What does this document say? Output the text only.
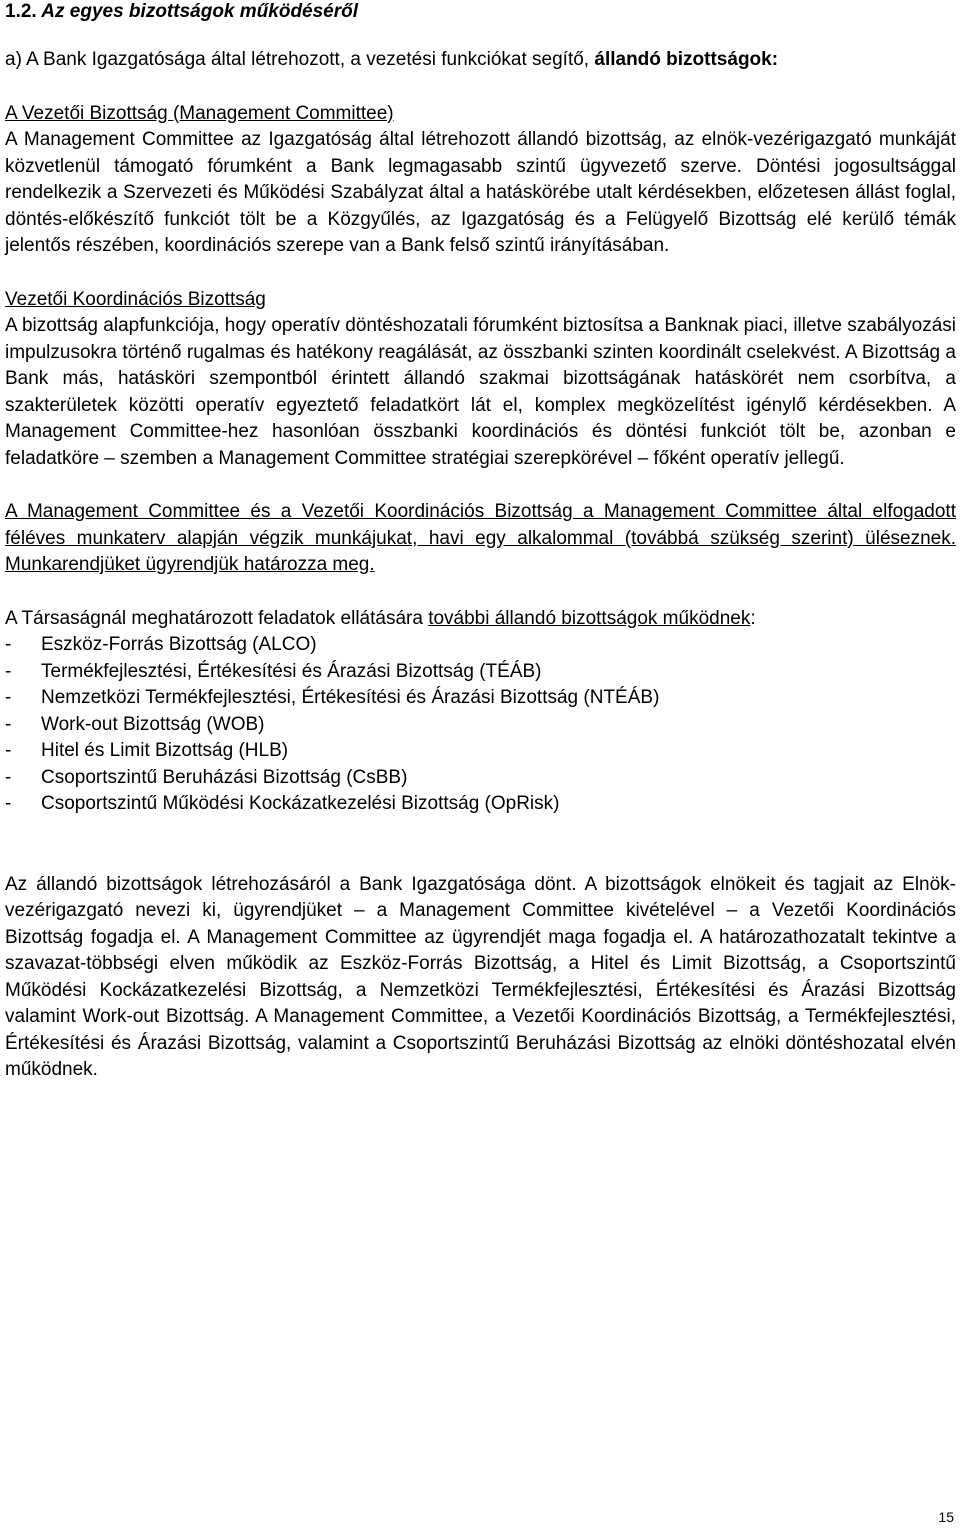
1.2. Az egyes bizottságok működéséről

a) A Bank Igazgatósága által létrehozott, a vezetési funkciókat segítő, állandó bizottságok:

A Vezetői Bizottság (Management Committee)

A Management Committee az Igazgatóság által létrehozott állandó bizottság, az elnök-vezérigazgató munkáját közvetlenül támogató fórumként a Bank legmagasabb szintű ügyvezető szerve. Döntési jogosultsággal rendelkezik a Szervezeti és Működési Szabályzat által a hatáskörébe utalt kérdésekben, előzetesen állást foglal, döntés-előkészítő funkciót tölt be a Közgyűlés, az Igazgatóság és a Felügyelő Bizottság elé kerülő témák jelentős részében, koordinációs szerepe van a Bank felső szintű irányításában.

Vezetői Koordinációs Bizottság

A bizottság alapfunkciója, hogy operatív döntéshozatali fórumként biztosítsa a Banknak piaci, illetve szabályozási impulzusokra történő rugalmas és hatékony reagálását, az összbanki szinten koordinált cselekvést. A Bizottság a Bank más, hatásköri szempontból érintett állandó szakmai bizottságának hatáskörét nem csorbítva, a szakterületek közötti operatív egyeztető feladatkört lát el, komplex megközelítést igénylő kérdésekben. A Management Committee-hez hasonlóan összbanki koordinációs és döntési funkciót tölt be, azonban e feladatköre – szemben a Management Committee stratégiai szerepkörével – főként operatív jellegű.

A Management Committee és a Vezetői Koordinációs Bizottság a Management Committee által elfogadott féléves munkaterv alapján végzik munkájukat, havi egy alkalommal (továbbá szükség szerint) üléseznek. Munkarendjüket ügyrendjük határozza meg.

A Társaságnál meghatározott feladatok ellátására további állandó bizottságok működnek:

-	Eszköz-Forrás Bizottság (ALCO)
-	Termékfejlesztési, Értékesítési és Árazási Bizottság (TÉÁB)
-	Nemzetközi Termékfejlesztési, Értékesítési és Árazási Bizottság (NTÉÁB)
-	Work-out Bizottság (WOB)
-	Hitel és Limit Bizottság (HLB)
-	Csoportszintű Beruházási Bizottság (CsBB)
-	Csoportszintű Működési Kockázatkezelési Bizottság (OpRisk)

Az állandó bizottságok létrehozásáról a Bank Igazgatósága dönt. A bizottságok elnökeit és tagjait az Elnök-vezérigazgató nevezi ki, ügyrendjüket – a Management Committee kivételével – a Vezetői Koordinációs Bizottság fogadja el. A Management Committee az ügyrendjét maga fogadja el. A határozathozatalt tekintve a szavazat-többségi elven működik az Eszköz-Forrás Bizottság, a Hitel és Limit Bizottság, a Csoportszintű Működési Kockázatkezelési Bizottság, a Nemzetközi Termékfejlesztési, Értékesítési és Árazási Bizottság valamint Work-out Bizottság. A Management Committee, a Vezetői Koordinációs Bizottság, a Termékfejlesztési, Értékesítési és Árazási Bizottság, valamint a Csoportszintű Beruházási Bizottság az elnöki döntéshozatal elvén működnek.

15
